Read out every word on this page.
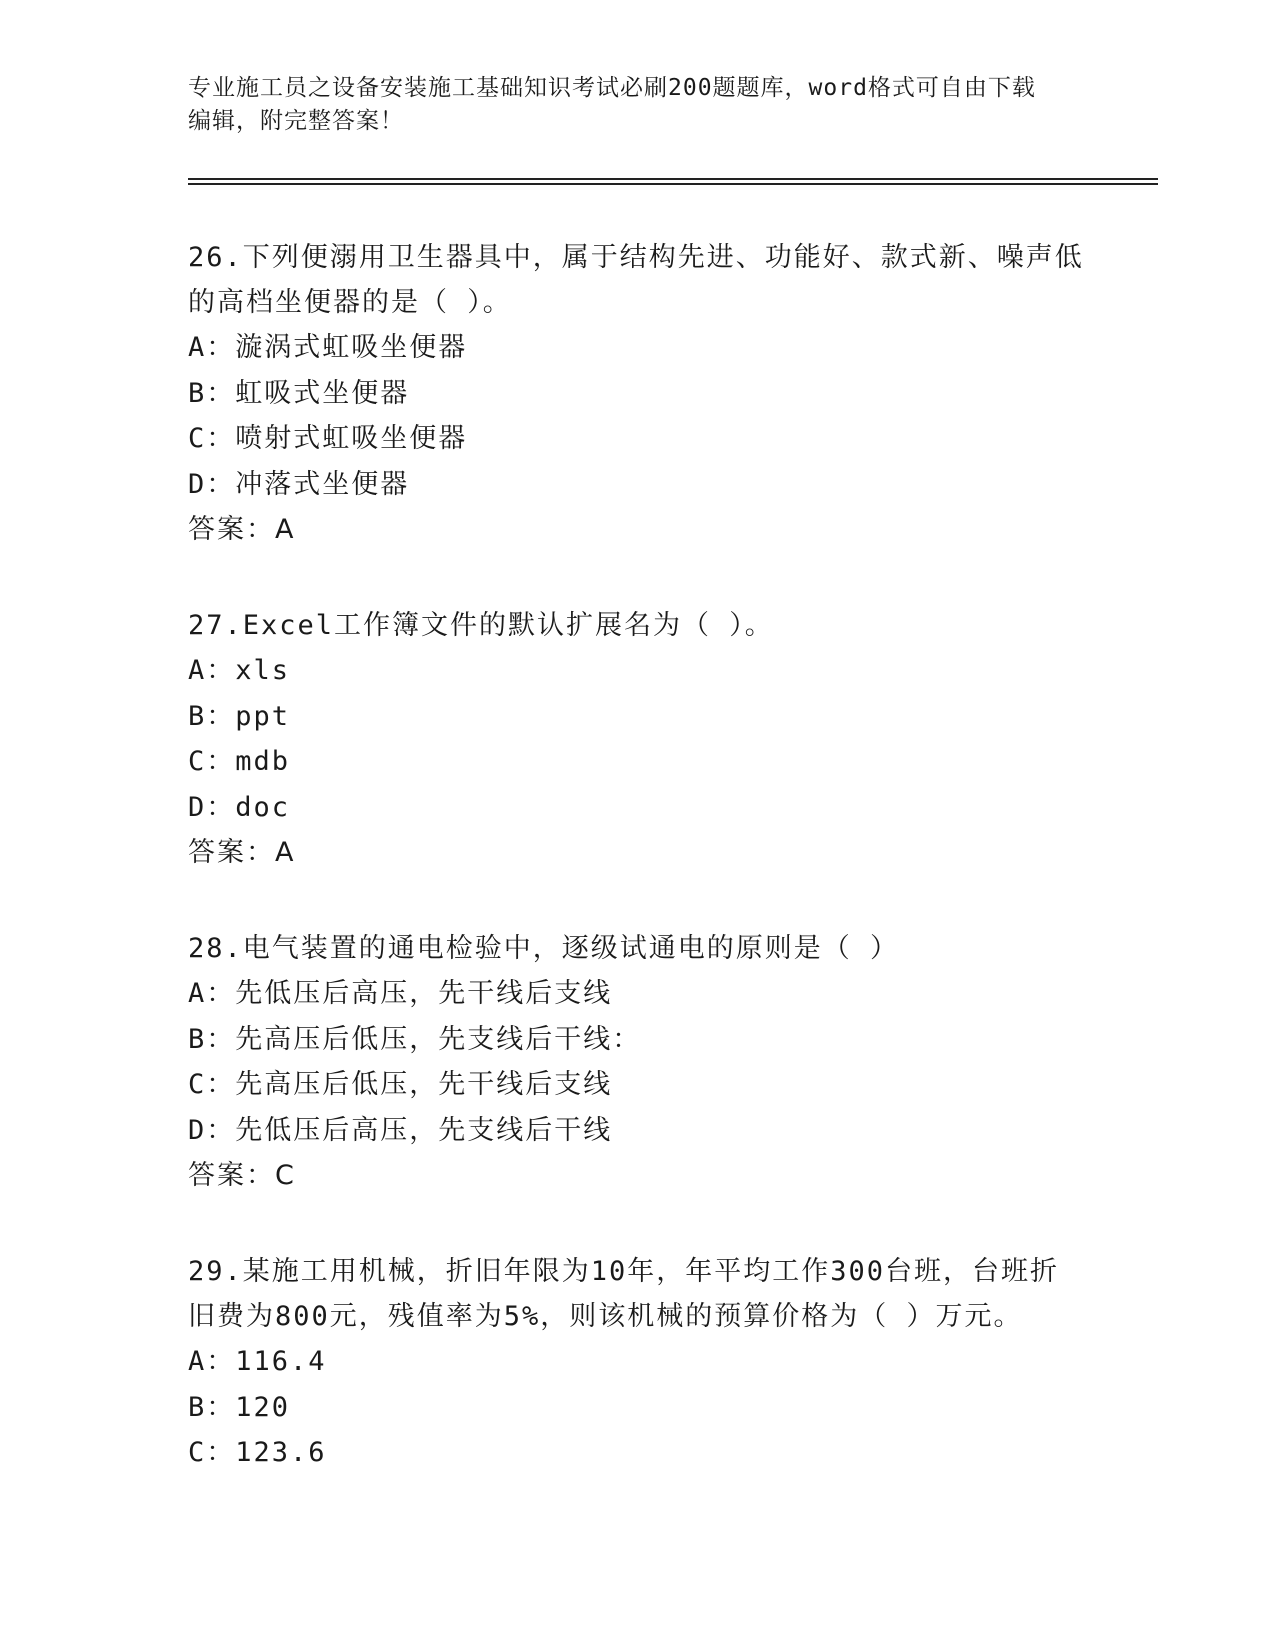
专业施工员之设备安装施工基础知识考试必刷200题题库，word格式可自由下载
编辑，附完整答案！

26.下列便溺用卫生器具中，属于结构先进、功能好、款式新、噪声低

的高档坐便器的是（ ）。

A：漩涡式虹吸坐便器

B：虹吸式坐便器

C：喷射式虹吸坐便器

D：冲落式坐便器

答案：A

27.Excel工作簿文件的默认扩展名为（ ）。

A：xls

B：ppt

C：mdb

D：doc

答案：A

28.电气装置的通电检验中，逐级试通电的原则是（ ）

A：先低压后高压，先干线后支线

B：先高压后低压，先支线后干线：

C：先高压后低压，先干线后支线

D：先低压后高压，先支线后干线

答案：C

29.某施工用机械，折旧年限为10年，年平均工作300台班，台班折

旧费为800元，残值率为5%，则该机械的预算价格为（ ）万元。

A：116.4

B：120

C：123.6
